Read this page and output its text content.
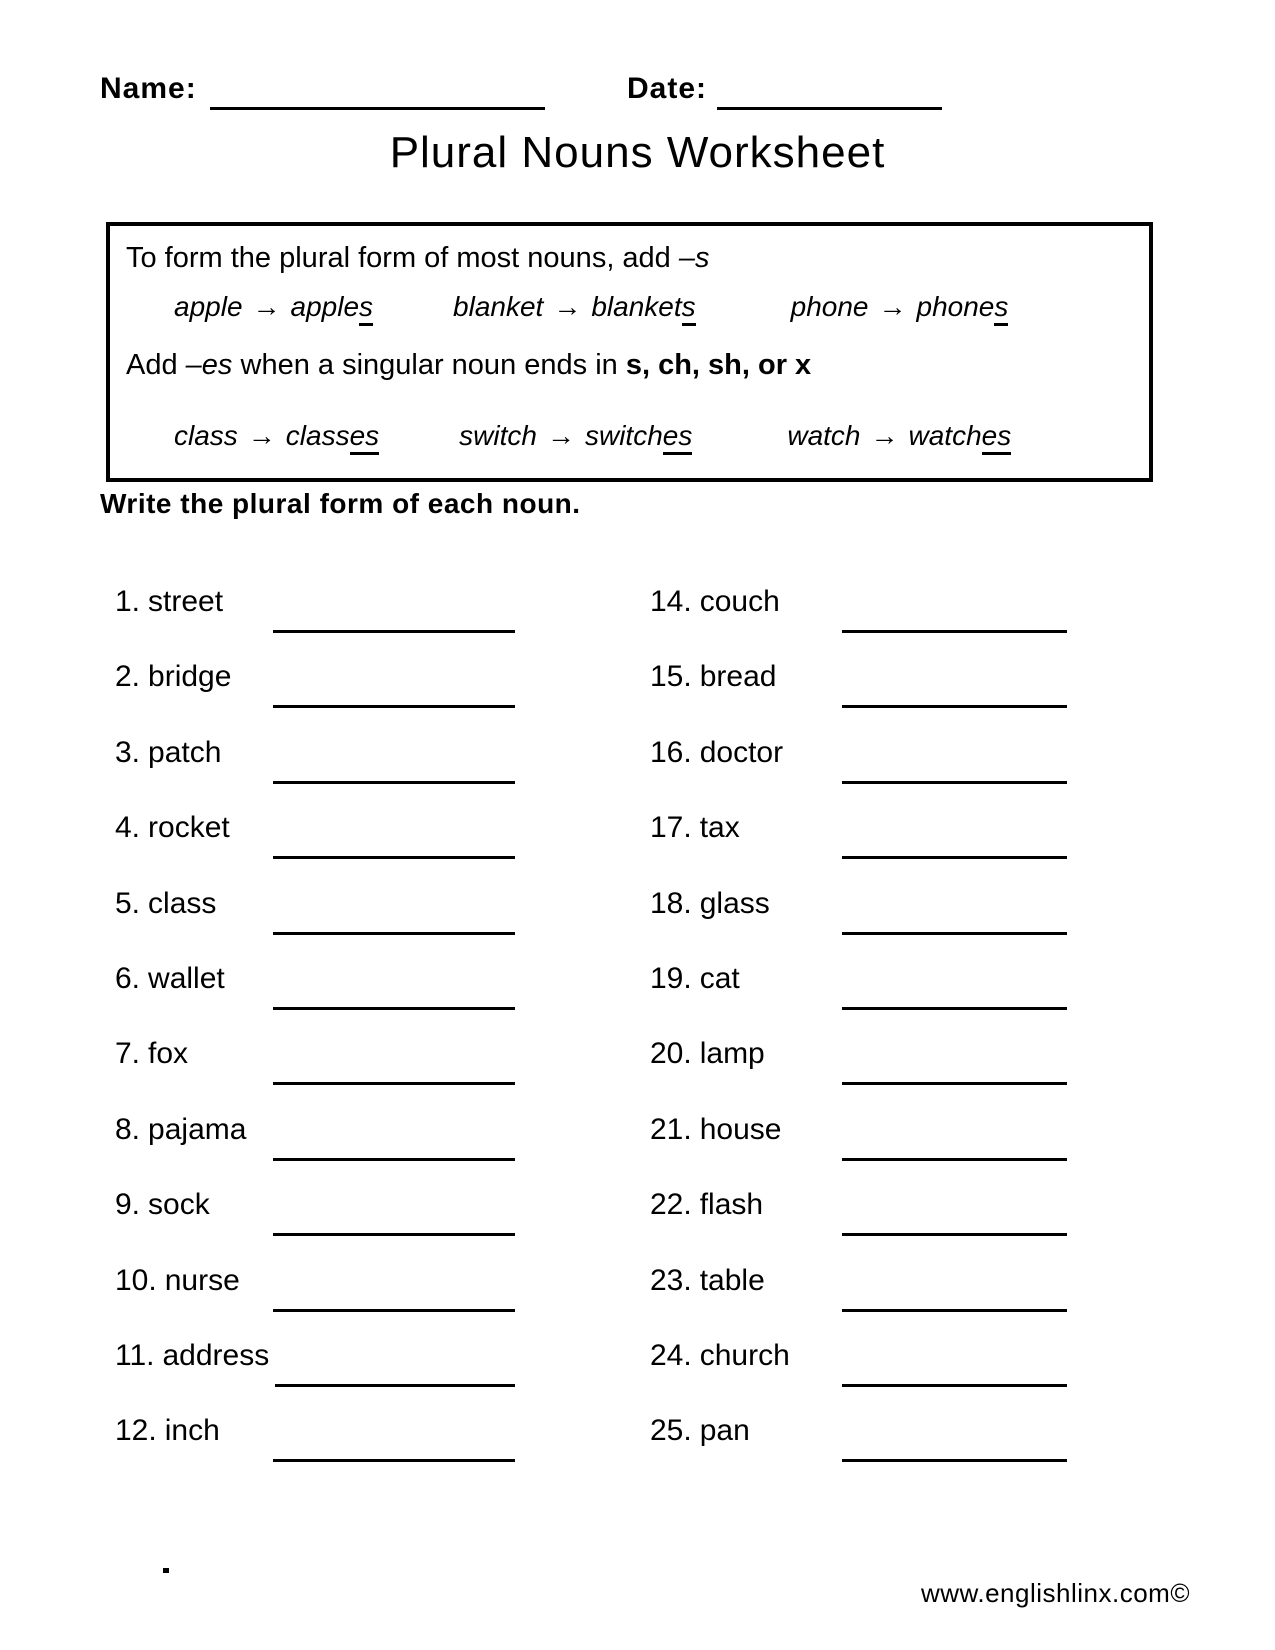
Name:	Date:
Plural Nouns Worksheet
To form the plural form of most nouns, add –s
apple → apples	blanket → blankets	phone → phones
Add –es when a singular noun ends in s, ch, sh, or x
class → classes	switch → switches	watch → watches
Write the plural form of each noun.
1. street
2. bridge
3. patch
4. rocket
5. class
6. wallet
7. fox
8. pajama
9. sock
10. nurse
11. address
12. inch
14. couch
15. bread
16. doctor
17. tax
18. glass
19. cat
20. lamp
21. house
22. flash
23. table
24. church
25. pan
www.englishlinx.com©
